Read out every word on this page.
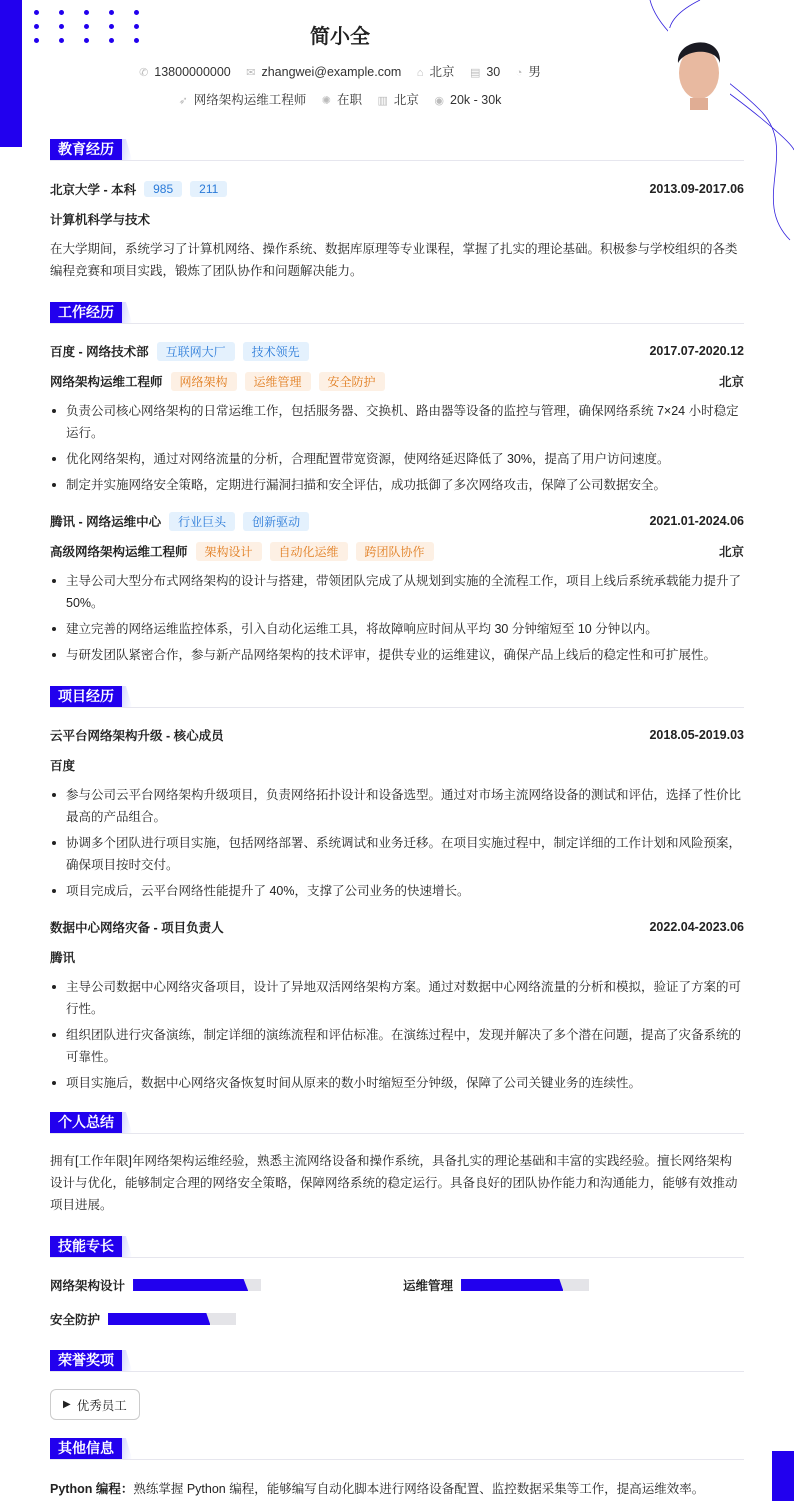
简小全
✆ 13800000000 ✉ zhangwei@example.com ⌂ 北京 ▤ 30 ◔ 男
➶ 网络架构运维工程师 ✺ 在职 ▥ 北京 ◉ 20k - 30k
教育经历
北京大学 - 本科	985	211	2013.09-2017.06
计算机科学与技术

在大学期间，系统学习了计算机网络、操作系统、数据库原理等专业课程，掌握了扎实的理论基础。积极参与学校组织的各类编程竞赛和项目实践，锻炼了团队协作和问题解决能力。

工作经历
百度 - 网络技术部	互联网大厂	技术领先	2017.07-2020.12
网络架构运维工程师	网络架构	运维管理	安全防护	北京
负责公司核心网络架构的日常运维工作，包括服务器、交换机、路由器等设备的监控与管理，确保网络系统 7×24 小时稳定运行。
优化网络架构，通过对网络流量的分析，合理配置带宽资源，使网络延迟降低了 30%，提高了用户访问速度。
制定并实施网络安全策略，定期进行漏洞扫描和安全评估，成功抵御了多次网络攻击，保障了公司数据安全。
腾讯 - 网络运维中心	行业巨头	创新驱动	2021.01-2024.06
高级网络架构运维工程师	架构设计	自动化运维	跨团队协作	北京
主导公司大型分布式网络架构的设计与搭建，带领团队完成了从规划到实施的全流程工作，项目上线后系统承载能力提升了 50%。
建立完善的网络运维监控体系，引入自动化运维工具，将故障响应时间从平均 30 分钟缩短至 10 分钟以内。
与研发团队紧密合作，参与新产品网络架构的技术评审，提供专业的运维建议，确保产品上线后的稳定性和可扩展性。
项目经历
云平台网络架构升级 - 核心成员	2018.05-2019.03
百度
参与公司云平台网络架构升级项目，负责网络拓扑设计和设备选型。通过对市场主流网络设备的测试和评估，选择了性价比最高的产品组合。
协调多个团队进行项目实施，包括网络部署、系统调试和业务迁移。在项目实施过程中，制定详细的工作计划和风险预案，确保项目按时交付。
项目完成后，云平台网络性能提升了 40%，支撑了公司业务的快速增长。
数据中心网络灾备 - 项目负责人	2022.04-2023.06
腾讯
主导公司数据中心网络灾备项目，设计了异地双活网络架构方案。通过对数据中心网络流量的分析和模拟，验证了方案的可行性。
组织团队进行灾备演练，制定详细的演练流程和评估标准。在演练过程中，发现并解决了多个潜在问题，提高了灾备系统的可靠性。
项目实施后，数据中心网络灾备恢复时间从原来的数小时缩短至分钟级，保障了公司关键业务的连续性。
个人总结

拥有[工作年限]年网络架构运维经验，熟悉主流网络设备和操作系统，具备扎实的理论基础和丰富的实践经验。擅长网络架构设计与优化，能够制定合理的网络安全策略，保障网络系统的稳定运行。具备良好的团队协作能力和沟通能力，能够有效推动项目进展。

技能专长
网络架构设计	运维管理
安全防护
荣誉奖项
▶ 优秀员工
其他信息

Python 编程：熟练掌握 Python 编程，能够编写自动化脚本进行网络设备配置、监控数据采集等工作，提高运维效率。
